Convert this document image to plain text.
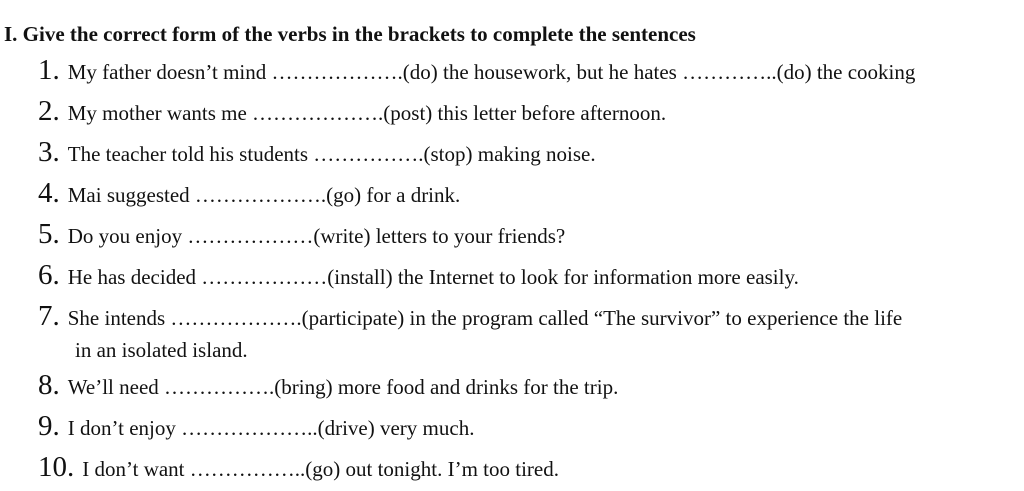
I. Give the correct form of the verbs in the brackets to complete the sentences
1. My father doesn’t mind ……………….(do) the housework, but he hates …………..(do) the cooking
2. My mother wants me ……………….(post) this letter before afternoon.
3. The teacher told his students …………….(stop) making noise.
4. Mai suggested ……………….(go) for a drink.
5. Do you enjoy ………………(write) letters to your friends?
6. He has decided ………………(install) the Internet to look for information more easily.
7. She intends ……………….(participate) in the program called “The survivor” to experience the life
in an isolated island.
8. We’ll need …………….(bring) more food and drinks for the trip.
9. I don’t enjoy ………………..(drive) very much.
10. I don’t want ……………..(go) out tonight. I’m too tired.
